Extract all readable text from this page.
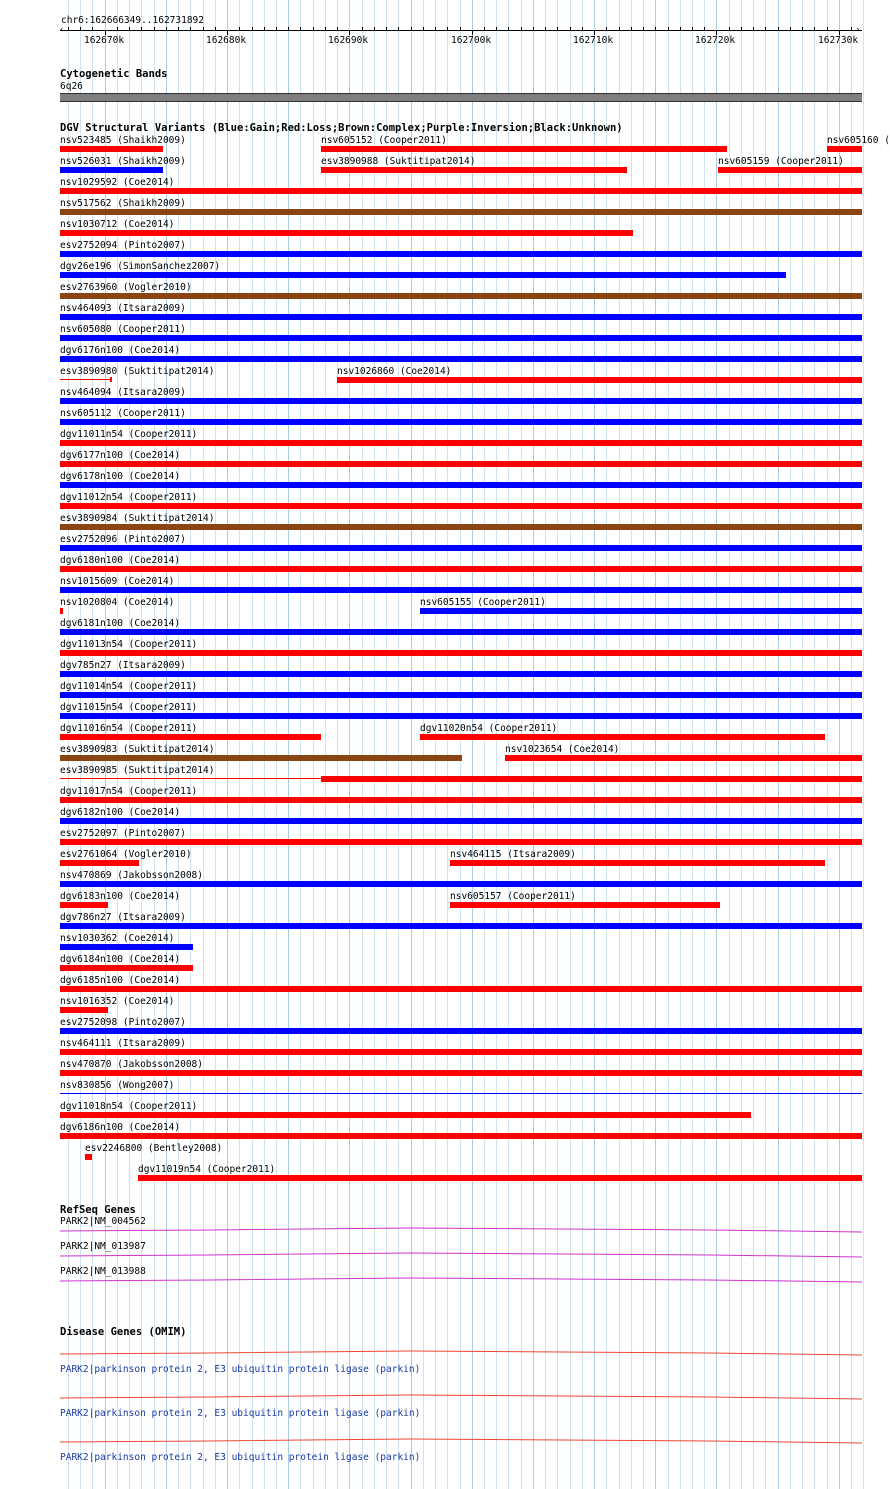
chr6:162666349..162731892
‹	›
162670k	162680k	162690k	162700k	162710k	162720k	162730k
Cytogenetic Bands
6q26
DGV Structural Variants (Blue:Gain;Red:Loss;Brown:Complex;Purple:Inversion;Black:Unknown)
nsv523485 (Shaikh2009)	nsv605152 (Cooper2011)	nsv605160 (
nsv526031 (Shaikh2009)	esv3890988 (Suktitipat2014)	nsv605159 (Cooper2011)
nsv1029592 (Coe2014)
nsv517562 (Shaikh2009)
nsv1030712 (Coe2014)
esv2752094 (Pinto2007)
dgv26e196 (SimonSanchez2007)
esv2763960 (Vogler2010)
nsv464093 (Itsara2009)
nsv605080 (Cooper2011)
dgv6176n100 (Coe2014)
esv3890980 (Suktitipat2014)	nsv1026860 (Coe2014)
nsv464094 (Itsara2009)
nsv605112 (Cooper2011)
dgv11011n54 (Cooper2011)
dgv6177n100 (Coe2014)
dgv6178n100 (Coe2014)
dgv11012n54 (Cooper2011)
esv3890984 (Suktitipat2014)
esv2752096 (Pinto2007)
dgv6180n100 (Coe2014)
nsv1015609 (Coe2014)
nsv1020804 (Coe2014)	nsv605155 (Cooper2011)
dgv6181n100 (Coe2014)
dgv11013n54 (Cooper2011)
dgv785n27 (Itsara2009)
dgv11014n54 (Cooper2011)
dgv11015n54 (Cooper2011)
dgv11016n54 (Cooper2011)	dgv11020n54 (Cooper2011)
esv3890983 (Suktitipat2014)	nsv1023654 (Coe2014)
esv3890985 (Suktitipat2014)
dgv11017n54 (Cooper2011)
dgv6182n100 (Coe2014)
esv2752097 (Pinto2007)
esv2761064 (Vogler2010)	nsv464115 (Itsara2009)
nsv470869 (Jakobsson2008)
dgv6183n100 (Coe2014)	nsv605157 (Cooper2011)
dgv786n27 (Itsara2009)
nsv1030362 (Coe2014)
dgv6184n100 (Coe2014)
dgv6185n100 (Coe2014)
nsv1016352 (Coe2014)
esv2752098 (Pinto2007)
nsv464111 (Itsara2009)
nsv470870 (Jakobsson2008)
nsv830856 (Wong2007)
dgv11018n54 (Cooper2011)
dgv6186n100 (Coe2014)
esv2246800 (Bentley2008)
dgv11019n54 (Cooper2011)
RefSeq Genes
PARK2|NM_004562
PARK2|NM_013987
PARK2|NM_013988
Disease Genes (OMIM)
PARK2|parkinson protein 2, E3 ubiquitin protein ligase (parkin)
PARK2|parkinson protein 2, E3 ubiquitin protein ligase (parkin)
PARK2|parkinson protein 2, E3 ubiquitin protein ligase (parkin)
